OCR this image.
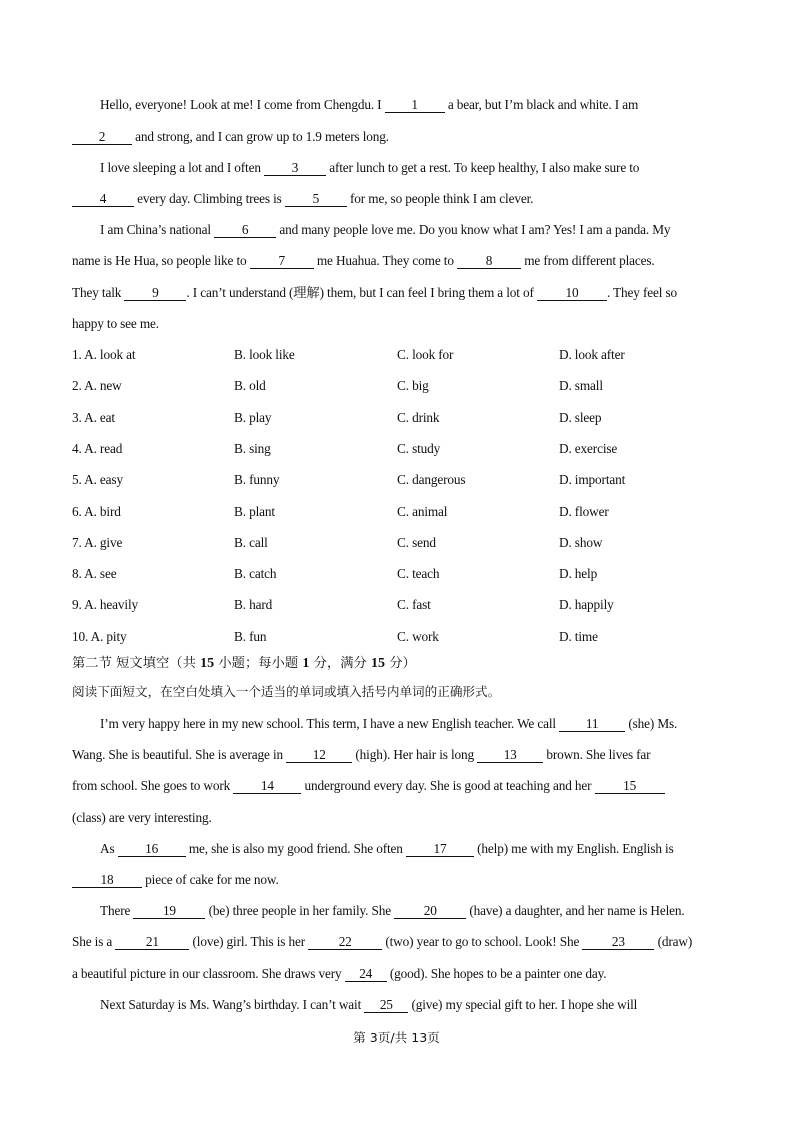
Hello, everyone! Look at me! I come from Chengdu. I 1 a bear, but I’m black and white. I am
2 and strong, and I can grow up to 1.9 meters long.
I love sleeping a lot and I often 3 after lunch to get a rest. To keep healthy, I also make sure to
4 every day. Climbing trees is 5 for me, so people think I am clever.
I am China’s national 6 and many people love me. Do you know what I am? Yes! I am a panda. My
name is He Hua, so people like to 7 me Huahua. They come to 8 me from different places.
They talk 9 . I can’t understand (理解) them, but I can feel I bring them a lot of 10 . They feel so
happy to see me.
1. A. look at	B. look like	C. look for	D. look after
2. A. new	B. old	C. big	D. small
3. A. eat	B. play	C. drink	D. sleep
4. A. read	B. sing	C. study	D. exercise
5. A. easy	B. funny	C. dangerous	D. important
6. A. bird	B. plant	C. animal	D. flower
7. A. give	B. call	C. send	D. show
8. A. see	B. catch	C. teach	D. help
9. A. heavily	B. hard	C. fast	D. happily
10. A. pity	B. fun	C. work	D. time
第二节 短文填空（共 15 小题；每小题 1 分，满分 15 分）
阅读下面短文，在空白处填入一个适当的单词或填入括号内单词的正确形式。
I’m very happy here in my new school. This term, I have a new English teacher. We call 11 (she) Ms.
Wang. She is beautiful. She is average in 12 (high). Her hair is long 13 brown. She lives far
from school. She goes to work 14 underground every day. She is good at teaching and her 15
(class) are very interesting.
As 16 me, she is also my good friend. She often 17 (help) me with my English. English is
18 piece of cake for me now.
There 19 (be) three people in her family. She 20 (have) a daughter, and her name is Helen.
She is a 21 (love) girl. This is her 22 (two) year to go to school. Look! She 23 (draw)
a beautiful picture in our classroom. She draws very 24 (good). She hopes to be a painter one day.
Next Saturday is Ms. Wang’s birthday. I can’t wait 25 (give) my special gift to her. I hope she will
第 3页/共 13页
